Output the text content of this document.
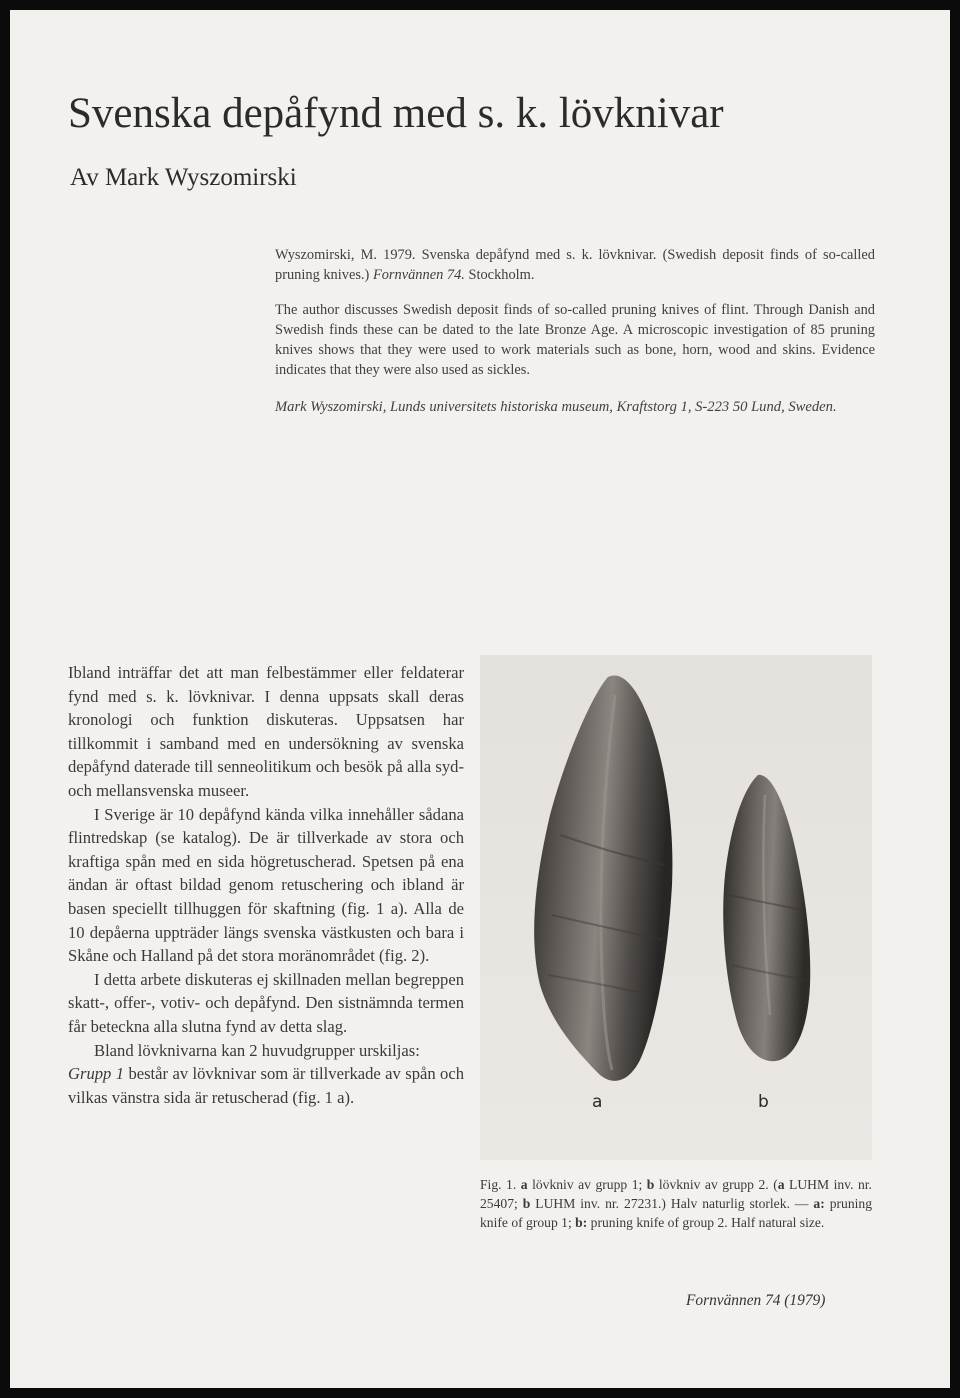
Svenska depåfynd med s. k. lövknivar
Av Mark Wyszomirski

Wyszomirski, M. 1979. Svenska depåfynd med s. k. lövknivar. (Swedish deposit finds of so-called pruning knives.) Fornvännen 74. Stockholm.

The author discusses Swedish deposit finds of so-called pruning knives of flint. Through Danish and Swedish finds these can be dated to the late Bronze Age. A microscopic investigation of 85 pruning knives shows that they were used to work materials such as bone, horn, wood and skins. Evidence indicates that they were also used as sickles.

Mark Wyszomirski, Lunds universitets historiska museum, Kraftstorg 1, S-223 50 Lund, Sweden.

Ibland inträffar det att man felbestämmer eller feldaterar fynd med s. k. lövknivar. I denna uppsats skall deras kronologi och funktion diskuteras. Uppsatsen har tillkommit i samband med en undersökning av svenska depåfynd daterade till senneolitikum och besök på alla syd- och mellansvenska museer.

I Sverige är 10 depåfynd kända vilka innehåller sådana flintredskap (se katalog). De är tillverkade av stora och kraftiga spån med en sida högretuscherad. Spetsen på ena ändan är oftast bildad genom retuschering och ibland är basen speciellt tillhuggen för skaftning (fig. 1 a). Alla de 10 depåerna uppträder längs svenska västkusten och bara i Skåne och Halland på det stora moränområdet (fig. 2).

I detta arbete diskuteras ej skillnaden mellan begreppen skatt-, offer-, votiv- och depåfynd. Den sistnämnda termen får beteckna alla slutna fynd av detta slag.

Bland lövknivarna kan 2 huvudgrupper urskiljas:

Grupp 1 består av lövknivar som är tillverkade av spån och vilkas vänstra sida är retuscherad (fig. 1 a).	a	b
Fig. 1. a lövkniv av grupp 1; b lövkniv av grupp 2. (a LUHM inv. nr. 25407; b LUHM inv. nr. 27231.) Halv naturlig storlek. — a: pruning knife of group 1; b: pruning knife of group 2. Half natural size.
Fornvännen 74 (1979)
